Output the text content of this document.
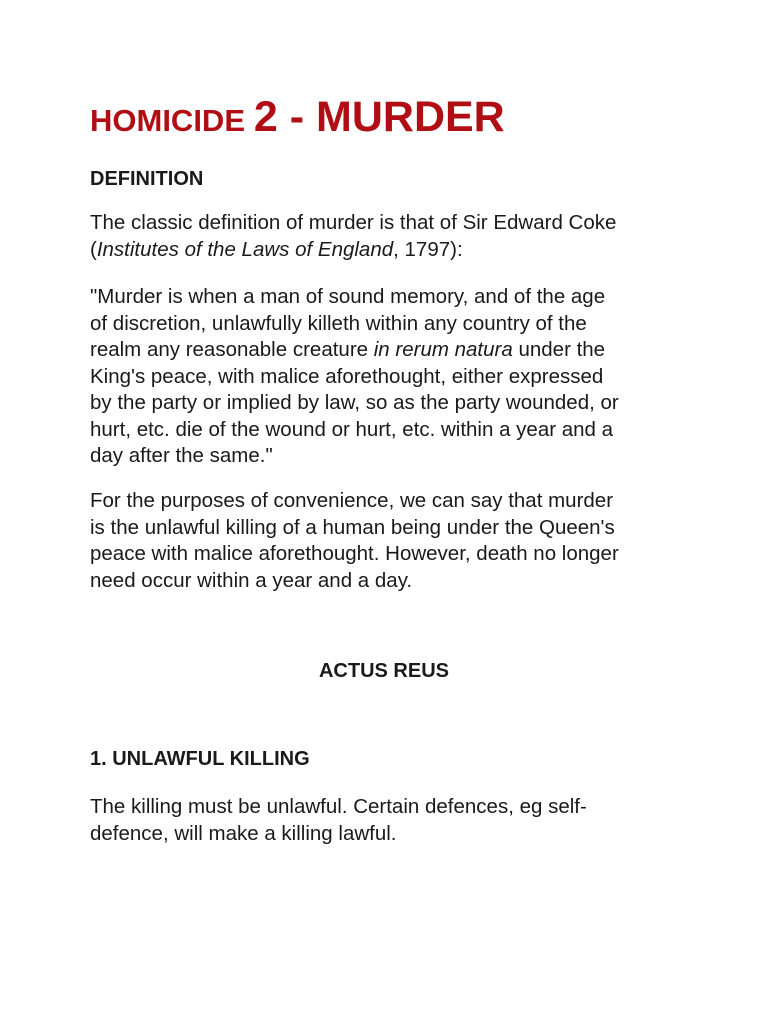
HOMICIDE 2 - MURDER
DEFINITION
The classic definition of murder is that of Sir Edward Coke
(Institutes of the Laws of England, 1797):
"Murder is when a man of sound memory, and of the age
of discretion, unlawfully killeth within any country of the
realm any reasonable creature in rerum natura under the
King's peace, with malice aforethought, either expressed
by the party or implied by law, so as the party wounded, or
hurt, etc. die of the wound or hurt, etc. within a year and a
day after the same."
For the purposes of convenience, we can say that murder
is the unlawful killing of a human being under the Queen's
peace with malice aforethought. However, death no longer
need occur within a year and a day.
ACTUS REUS
1. UNLAWFUL KILLING
The killing must be unlawful. Certain defences, eg self-
defence, will make a killing lawful.
